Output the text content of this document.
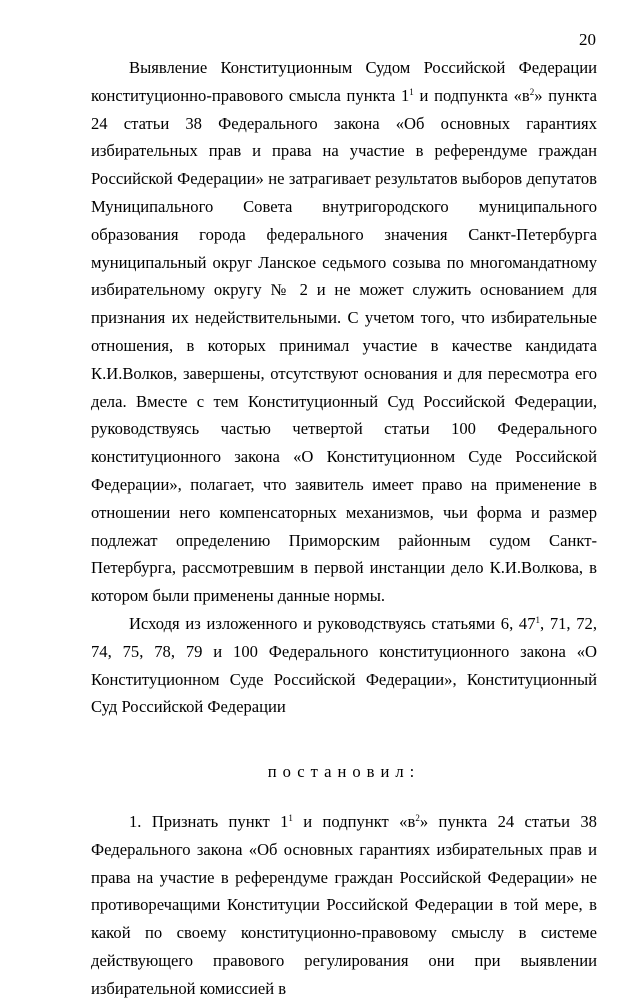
20

Выявление Конституционным Судом Российской Федерации конституционно-правового смысла пункта $1^1$ и подпункта «$в^2$» пункта 24 статьи 38 Федерального закона «Об основных гарантиях избирательных прав и права на участие в референдуме граждан Российской Федерации» не затрагивает результатов выборов депутатов Муниципального Совета внутригородского муниципального образования города федерального значения Санкт-Петербурга муниципальный округ Ланское седьмого созыва по многомандатному избирательному округу № 2 и не может служить основанием для признания их недействительными. С учетом того, что избирательные отношения, в которых принимал участие в качестве кандидата К.И.Волков, завершены, отсутствуют основания и для пересмотра его дела. Вместе с тем Конституционный Суд Российской Федерации, руководствуясь частью четвертой статьи 100 Федерального конституционного закона «О Конституционном Суде Российской Федерации», полагает, что заявитель имеет право на применение в отношении него компенсаторных механизмов, чьи форма и размер подлежат определению Приморским районным судом Санкт-Петербурга, рассмотревшим в первой инстанции дело К.И.Волкова, в котором были применены данные нормы.

Исходя из изложенного и руководствуясь статьями 6, $47^1$, 71, 72, 74, 75, 78, 79 и 100 Федерального конституционного закона «О Конституционном Суде Российской Федерации», Конституционный Суд Российской Федерации

постановил:

1. Признать пункт $1^1$ и подпункт «$в^2$» пункта 24 статьи 38 Федерального закона «Об основных гарантиях избирательных прав и права на участие в референдуме граждан Российской Федерации» не противоречащими Конституции Российской Федерации в той мере, в какой по своему конституционно-правовому смыслу в системе действующего правового регулирования они при выявлении избирательной комиссией в
